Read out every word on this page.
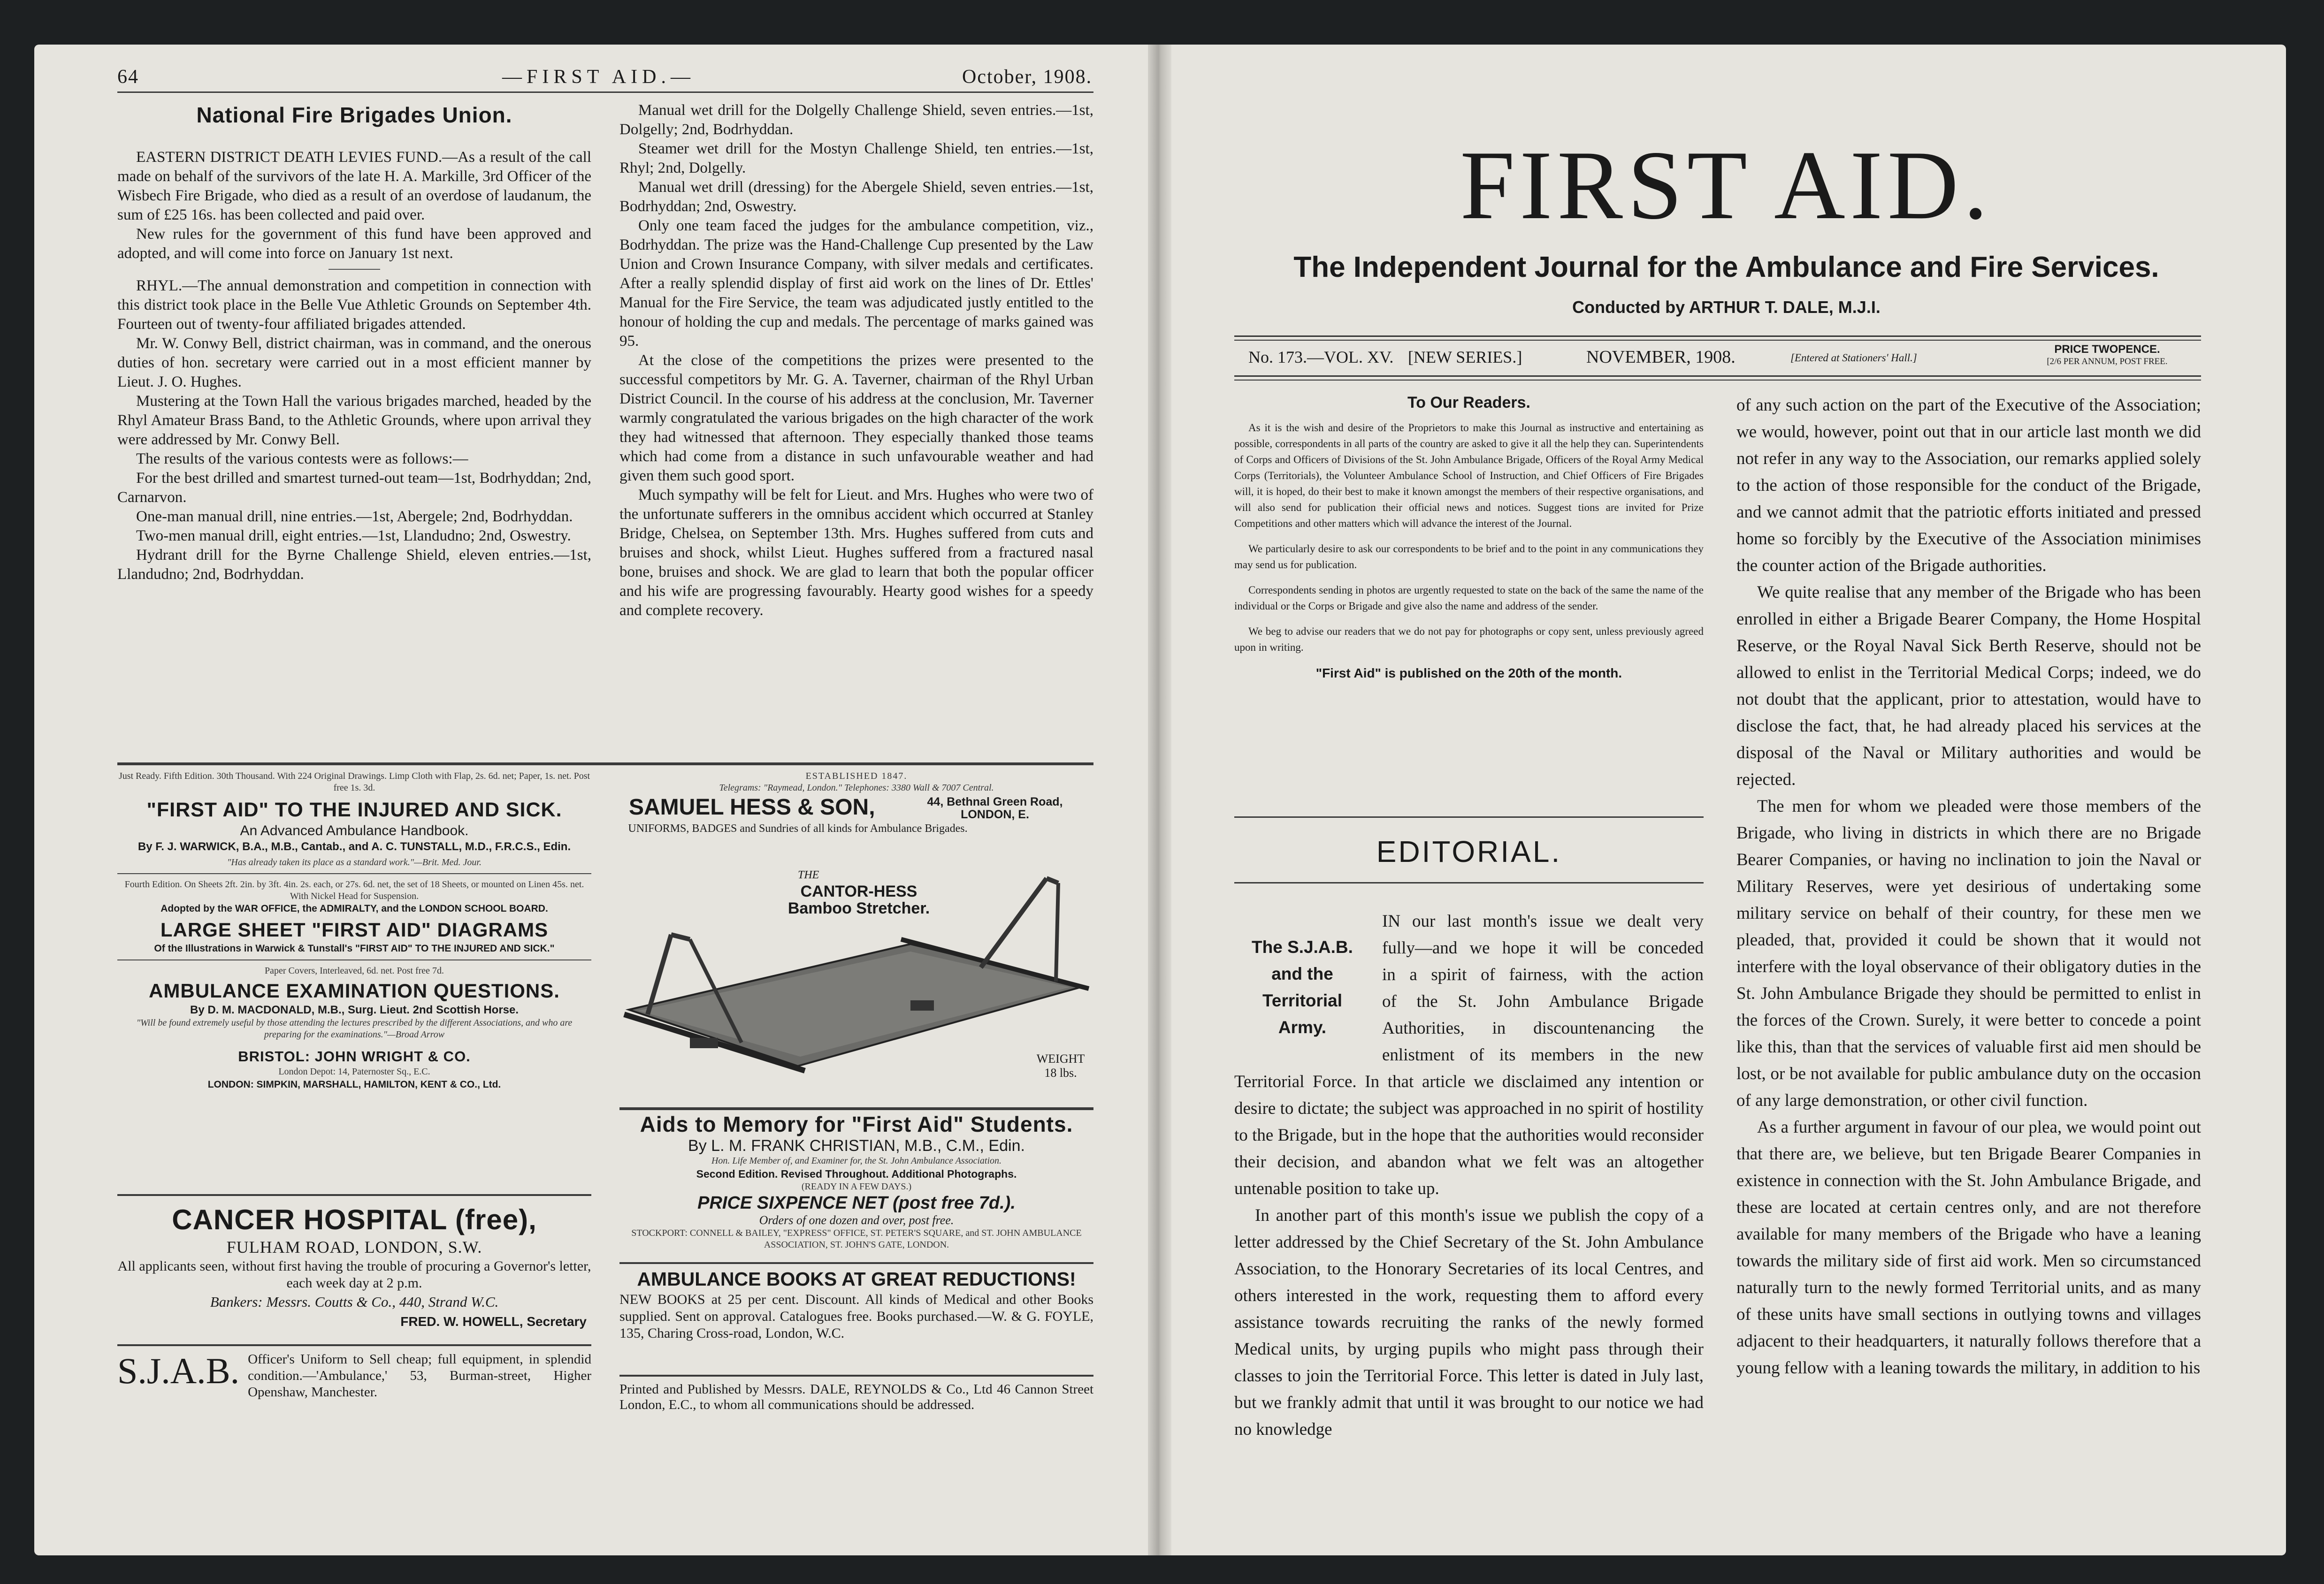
64	—FIRST AID.—	October, 1908.
National Fire Brigades Union.

EASTERN DISTRICT DEATH LEVIES FUND.—As a result of the call made on behalf of the survivors of the late H. A. Markille, 3rd Officer of the Wisbech Fire Brigade, who died as a result of an overdose of laudanum, the sum of £25 16s. has been collected and paid over.

New rules for the government of this fund have been approved and adopted, and will come into force on January 1st next.

RHYL.—The annual demonstration and competition in connection with this district took place in the Belle Vue Athletic Grounds on September 4th. Fourteen out of twenty-four affiliated brigades attended.

Mr. W. Conwy Bell, district chairman, was in command, and the onerous duties of hon. secretary were carried out in a most efficient manner by Lieut. J. O. Hughes.

Mustering at the Town Hall the various brigades marched, headed by the Rhyl Amateur Brass Band, to the Athletic Grounds, where upon arrival they were addressed by Mr. Conwy Bell.

The results of the various contests were as follows:—

For the best drilled and smartest turned-out team—1st, Bodrhyddan; 2nd, Carnarvon.

One-man manual drill, nine entries.—1st, Abergele; 2nd, Bodrhyddan.

Two-men manual drill, eight entries.—1st, Llandudno; 2nd, Oswestry.

Hydrant drill for the Byrne Challenge Shield, eleven entries.—1st, Llandudno; 2nd, Bodrhyddan.

Manual wet drill for the Dolgelly Challenge Shield, seven entries.—1st, Dolgelly; 2nd, Bodrhyddan.

Steamer wet drill for the Mostyn Challenge Shield, ten entries.—1st, Rhyl; 2nd, Dolgelly.

Manual wet drill (dressing) for the Abergele Shield, seven entries.—1st, Bodrhyddan; 2nd, Oswestry.

Only one team faced the judges for the ambulance competition, viz., Bodrhyddan. The prize was the Hand-Challenge Cup presented by the Law Union and Crown Insurance Company, with silver medals and certificates. After a really splendid display of first aid work on the lines of Dr. Ettles' Manual for the Fire Service, the team was adjudicated justly entitled to the honour of holding the cup and medals. The percentage of marks gained was 95.

At the close of the competitions the prizes were presented to the successful competitors by Mr. G. A. Taverner, chairman of the Rhyl Urban District Council. In the course of his address at the conclusion, Mr. Taverner warmly congratulated the various brigades on the high character of the work they had witnessed that afternoon. They especially thanked those teams which had come from a distance in such unfavourable weather and had given them such good sport.

Much sympathy will be felt for Lieut. and Mrs. Hughes who were two of the unfortunate sufferers in the omnibus accident which occurred at Stanley Bridge, Chelsea, on September 13th. Mrs. Hughes suffered from cuts and bruises and shock, whilst Lieut. Hughes suffered from a fractured nasal bone, bruises and shock. We are glad to learn that both the popular officer and his wife are progressing favourably. Hearty good wishes for a speedy and complete recovery.

Just Ready. Fifth Edition. 30th Thousand. With 224 Original Drawings. Limp Cloth with Flap, 2s. 6d. net; Paper, 1s. net. Post free 1s. 3d.

"FIRST AID" TO THE INJURED AND SICK.

An Advanced Ambulance Handbook.

By F. J. WARWICK, B.A., M.B., Cantab., and A. C. TUNSTALL, M.D., F.R.C.S., Edin.

"Has already taken its place as a standard work."—Brit. Med. Jour.

Fourth Edition. On Sheets 2ft. 2in. by 3ft. 4in. 2s. each, or 27s. 6d. net, the set of 18 Sheets, or mounted on Linen 45s. net. With Nickel Head for Suspension.

Adopted by the WAR OFFICE, the ADMIRALTY, and the LONDON SCHOOL BOARD.

LARGE SHEET "FIRST AID" DIAGRAMS

Of the Illustrations in Warwick & Tunstall's "FIRST AID" TO THE INJURED AND SICK."

Paper Covers, Interleaved, 6d. net. Post free 7d.

AMBULANCE EXAMINATION QUESTIONS.

By D. M. MACDONALD, M.B., Surg. Lieut. 2nd Scottish Horse.

"Will be found extremely useful by those attending the lectures prescribed by the different Associations, and who are preparing for the examinations."—Broad Arrow

BRISTOL: JOHN WRIGHT & CO.

London Depot: 14, Paternoster Sq., E.C.

LONDON: SIMPKIN, MARSHALL, HAMILTON, KENT & CO., Ltd.

CANCER HOSPITAL (free),

FULHAM ROAD, LONDON, S.W.

All applicants seen, without first having the trouble of procuring a Governor's letter, each week day at 2 p.m.

Bankers: Messrs. Coutts & Co., 440, Strand W.C.

FRED. W. HOWELL, Secretary

S.J.A.B. Officer's Uniform to Sell cheap; full equipment, in splendid condition.—'Ambulance,' 53, Burman-street, Higher Openshaw, Manchester.

ESTABLISHED 1847.

Telegrams: "Raymead, London." Telephones: 3380 Wall & 7007 Central.

SAMUEL HESS & SON,	44, Bethnal Green Road, LONDON, E.

UNIFORMS, BADGES and Sundries of all kinds for Ambulance Brigades.

THE
CANTOR-HESS Bamboo Stretcher.
WEIGHT 18 lbs.

Aids to Memory for "First Aid" Students.

By L. M. FRANK CHRISTIAN, M.B., C.M., Edin.

Hon. Life Member of, and Examiner for, the St. John Ambulance Association.

Second Edition. Revised Throughout. Additional Photographs.

(READY IN A FEW DAYS.)

PRICE SIXPENCE NET (post free 7d.).

Orders of one dozen and over, post free.

STOCKPORT: CONNELL & BAILEY, "EXPRESS" OFFICE, ST. PETER'S SQUARE, and ST. JOHN AMBULANCE ASSOCIATION, ST. JOHN'S GATE, LONDON.

AMBULANCE BOOKS AT GREAT REDUCTIONS!

NEW BOOKS at 25 per cent. Discount. All kinds of Medical and other Books supplied. Sent on approval. Catalogues free. Books purchased.—W. & G. FOYLE, 135, Charing Cross-road, London, W.C.

Printed and Published by Messrs. DALE, REYNOLDS & Co., Ltd 46 Cannon Street London, E.C., to whom all communications should be addressed.
FIRST AID.
The Independent Journal for the Ambulance and Fire Services.
Conducted by ARTHUR T. DALE, M.J.I.
No. 173.—VOL. XV. [NEW SERIES.]	NOVEMBER, 1908.	[Entered at Stationers' Hall.]
PRICE TWOPENCE.
[2/6 PER ANNUM, POST FREE.
To Our Readers.

As it is the wish and desire of the Proprietors to make this Journal as instructive and entertaining as possible, correspondents in all parts of the country are asked to give it all the help they can. Superintendents of Corps and Officers of Divisions of the St. John Ambulance Brigade, Officers of the Royal Army Medical Corps (Territorials), the Volunteer Ambulance School of Instruction, and Chief Officers of Fire Brigades will, it is hoped, do their best to make it known amongst the members of their respective organisations, and will also send for publication their official news and notices. Suggest tions are invited for Prize Competitions and other matters which will advance the interest of the Journal.

We particularly desire to ask our correspondents to be brief and to the point in any communications they may send us for publication.

Correspondents sending in photos are urgently requested to state on the back of the same the name of the individual or the Corps or Brigade and give also the name and address of the sender.

We beg to advise our readers that we do not pay for photographs or copy sent, unless previously agreed upon in writing.

"First Aid" is published on the 20th of the month.
EDITORIAL.
The S.J.A.B.
and the
Territorial
Army.
IN our last month's issue we dealt very
fully—and we hope it will be conceded
in a spirit of fairness, with the action
of the St. John Ambulance Brigade
Authorities, in discountenancing the
enlistment of its members in the new

Territorial Force. In that article we disclaimed any intention or desire to dictate; the subject was approached in no spirit of hostility to the Brigade, but in the hope that the authorities would reconsider their decision, and abandon what we felt was an altogether untenable position to take up.

In another part of this month's issue we publish the copy of a letter addressed by the Chief Secretary of the St. John Ambulance Association, to the Honorary Secretaries of its local Centres, and others interested in the work, requesting them to afford every assistance towards recruiting the ranks of the newly formed Medical units, by urging pupils who might pass through their classes to join the Territorial Force. This letter is dated in July last, but we frankly admit that until it was brought to our notice we had no knowledge

of any such action on the part of the Executive of the Association; we would, however, point out that in our article last month we did not refer in any way to the Association, our remarks applied solely to the action of those responsible for the conduct of the Brigade, and we cannot admit that the patriotic efforts initiated and pressed home so forcibly by the Executive of the Association minimises the counter action of the Brigade authorities.

We quite realise that any member of the Brigade who has been enrolled in either a Brigade Bearer Company, the Home Hospital Reserve, or the Royal Naval Sick Berth Reserve, should not be allowed to enlist in the Territorial Medical Corps; indeed, we do not doubt that the applicant, prior to attestation, would have to disclose the fact, that, he had already placed his services at the disposal of the Naval or Military authorities and would be rejected.

The men for whom we pleaded were those members of the Brigade, who living in districts in which there are no Brigade Bearer Companies, or having no inclination to join the Naval or Military Reserves, were yet desirious of undertaking some military service on behalf of their country, for these men we pleaded, that, provided it could be shown that it would not interfere with the loyal observance of their obligatory duties in the St. John Ambulance Brigade they should be permitted to enlist in the forces of the Crown. Surely, it were better to concede a point like this, than that the services of valuable first aid men should be lost, or be not available for public ambulance duty on the occasion of any large demonstration, or other civil function.

As a further argument in favour of our plea, we would point out that there are, we believe, but ten Brigade Bearer Companies in existence in connection with the St. John Ambulance Brigade, and these are located at certain centres only, and are not therefore available for many members of the Brigade who have a leaning towards the military side of first aid work. Men so circumstanced naturally turn to the newly formed Territorial units, and as many of these units have small sections in outlying towns and villages adjacent to their headquarters, it naturally follows therefore that a young fellow with a leaning towards the military, in addition to his
